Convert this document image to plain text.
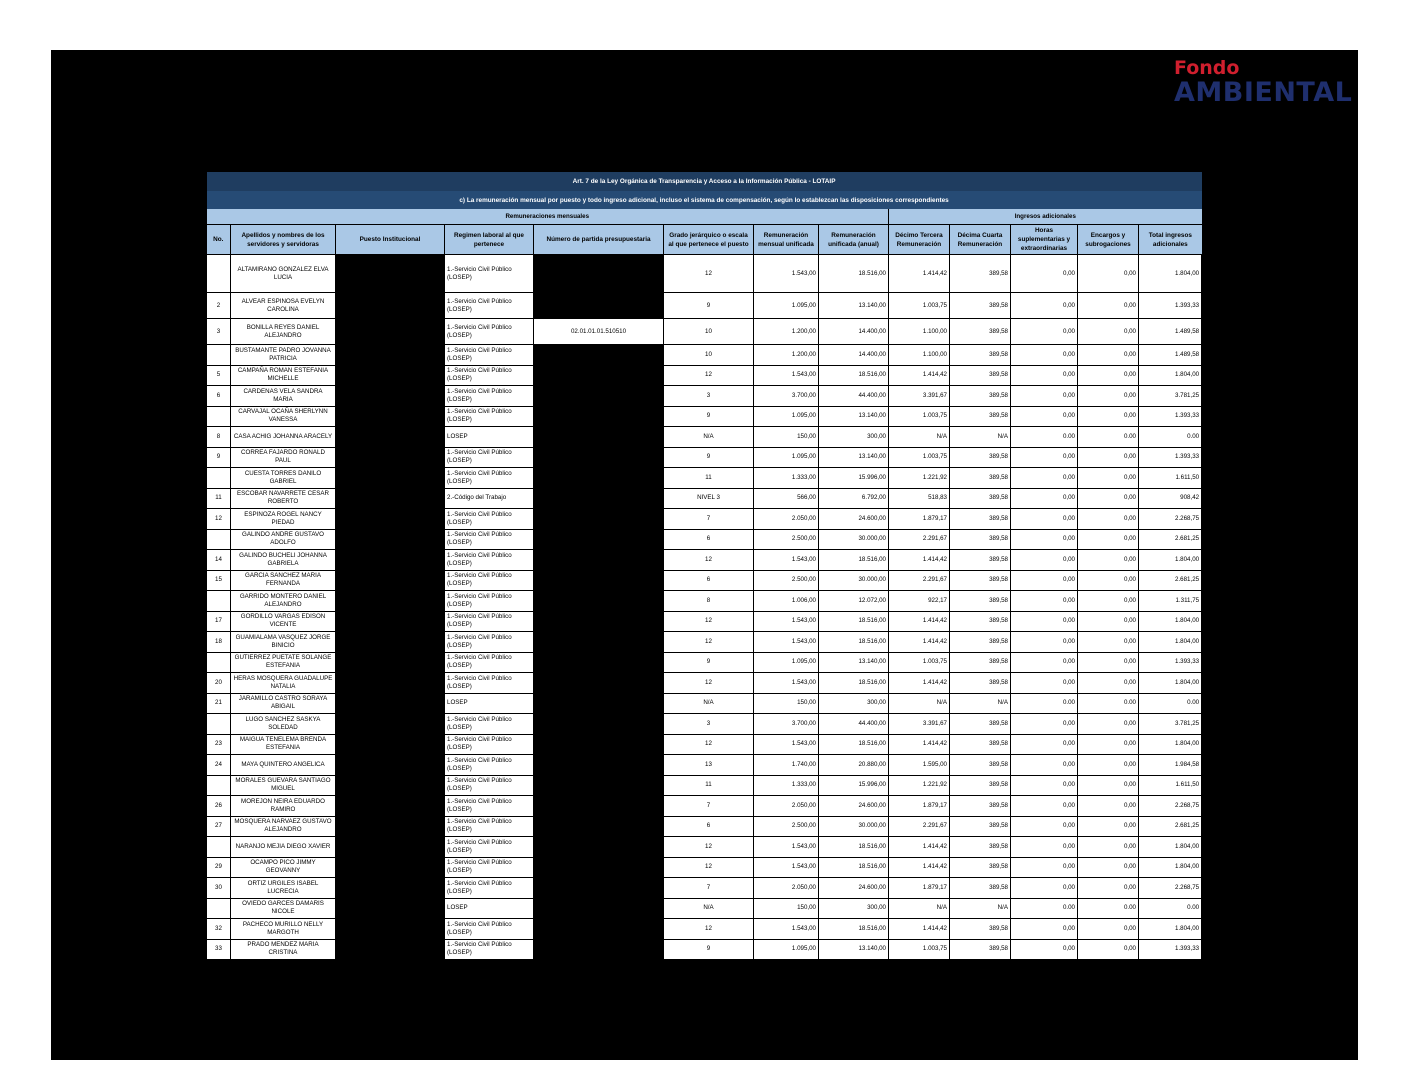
Fondo
AMBIENTAL
Art. 7 de la Ley Orgánica de Transparencia y Acceso a la Información Pública - LOTAIP												
c) La remuneración mensual por puesto y todo ingreso adicional, incluso el sistema de compensación, según lo establezcan las disposiciones correspondientes												
Remuneraciones mensuales								Ingresos adicionales				
No.	Apellidos y nombres de los servidores y servidoras	Puesto Institucional	Regimen laboral al que pertenece	Número de partida presupuestaria	Grado jerárquico o escala al que pertenece el puesto	Remuneración mensual unificada	Remuneración unificada (anual)	Décimo Tercera Remuneración	Décima Cuarta Remuneración	Horas suplementarias y extraordinarias	Encargos y subrogaciones	Total ingresos adicionales
	ALTAMIRANO GONZALEZ ELVA LUCIA		1.-Servicio Civil Público (LOSEP)		12	1.543,00	18.516,00	1.414,42	389,58	0,00	0,00	1.804,00
2	ALVEAR ESPINOSA EVELYN CAROLINA		1.-Servicio Civil Público (LOSEP)		9	1.095,00	13.140,00	1.003,75	389,58	0,00	0,00	1.393,33
3	BONILLA REYES DANIEL ALEJANDRO		1.-Servicio Civil Público (LOSEP)	02.01.01.01.510510	10	1.200,00	14.400,00	1.100,00	389,58	0,00	0,00	1.489,58
	BUSTAMANTE PADRO JOVANNA PATRICIA		1.-Servicio Civil Público (LOSEP)		10	1.200,00	14.400,00	1.100,00	389,58	0,00	0,00	1.489,58
5	CAMPAÑA ROMAN ESTEFANIA MICHELLE		1.-Servicio Civil Público (LOSEP)		12	1.543,00	18.516,00	1.414,42	389,58	0,00	0,00	1.804,00
6	CARDENAS VELA SANDRA MARIA		1.-Servicio Civil Público (LOSEP)		3	3.700,00	44.400,00	3.391,67	389,58	0,00	0,00	3.781,25
	CARVAJAL OCAÑA SHERLYNN VANESSA		1.-Servicio Civil Público (LOSEP)		9	1.095,00	13.140,00	1.003,75	389,58	0,00	0,00	1.393,33
8	CASA ACHIG JOHANNA ARACELY		LOSEP		N/A	150,00	300,00	N/A	N/A	0.00	0.00	0.00
9	CORREA FAJARDO RONALD PAUL		1.-Servicio Civil Público (LOSEP)		9	1.095,00	13.140,00	1.003,75	389,58	0,00	0,00	1.393,33
	CUESTA TORRES DANILO GABRIEL		1.-Servicio Civil Público (LOSEP)		11	1.333,00	15.996,00	1.221,92	389,58	0,00	0,00	1.611,50
11	ESCOBAR NAVARRETE CESAR ROBERTO		2.-Código del Trabajo		NIVEL 3	566,00	6.792,00	518,83	389,58	0,00	0,00	908,42
12	ESPINOZA ROGEL NANCY PIEDAD		1.-Servicio Civil Público (LOSEP)		7	2.050,00	24.600,00	1.879,17	389,58	0,00	0,00	2.268,75
	GALINDO ANDRE GUSTAVO ADOLFO		1.-Servicio Civil Público (LOSEP)		6	2.500,00	30.000,00	2.291,67	389,58	0,00	0,00	2.681,25
14	GALINDO BUCHELI JOHANNA GABRIELA		1.-Servicio Civil Público (LOSEP)		12	1.543,00	18.516,00	1.414,42	389,58	0,00	0,00	1.804,00
15	GARCIA SANCHEZ MARIA FERNANDA		1.-Servicio Civil Público (LOSEP)		6	2.500,00	30.000,00	2.291,67	389,58	0,00	0,00	2.681,25
	GARRIDO MONTERO DANIEL ALEJANDRO		1.-Servicio Civil Público (LOSEP)		8	1.006,00	12.072,00	922,17	389,58	0,00	0,00	1.311,75
17	GORDILLO VARGAS EDISON VICENTE		1.-Servicio Civil Público (LOSEP)		12	1.543,00	18.516,00	1.414,42	389,58	0,00	0,00	1.804,00
18	GUAMIALAMA VASQUEZ JORGE BINICIO		1.-Servicio Civil Público (LOSEP)		12	1.543,00	18.516,00	1.414,42	389,58	0,00	0,00	1.804,00
	GUTIERREZ PUETATE SOLANGE ESTEFANIA		1.-Servicio Civil Público (LOSEP)		9	1.095,00	13.140,00	1.003,75	389,58	0,00	0,00	1.393,33
20	HERAS MOSQUERA GUADALUPE NATALIA		1.-Servicio Civil Público (LOSEP)		12	1.543,00	18.516,00	1.414,42	389,58	0,00	0,00	1.804,00
21	JARAMILLO CASTRO SORAYA ABIGAIL		LOSEP		N/A	150,00	300,00	N/A	N/A	0.00	0.00	0.00
	LUGO SANCHEZ SASKYA SOLEDAD		1.-Servicio Civil Público (LOSEP)		3	3.700,00	44.400,00	3.391,67	389,58	0,00	0,00	3.781,25
23	MAIGUA TENELEMA BRENDA ESTEFANIA		1.-Servicio Civil Público (LOSEP)		12	1.543,00	18.516,00	1.414,42	389,58	0,00	0,00	1.804,00
24	MAYA QUINTERO ANGELICA		1.-Servicio Civil Público (LOSEP)		13	1.740,00	20.880,00	1.595,00	389,58	0,00	0,00	1.984,58
	MORALES GUEVARA SANTIAGO MIGUEL		1.-Servicio Civil Público (LOSEP)		11	1.333,00	15.996,00	1.221,92	389,58	0,00	0,00	1.611,50
26	MOREJON NEIRA EDUARDO RAMIRO		1.-Servicio Civil Público (LOSEP)		7	2.050,00	24.600,00	1.879,17	389,58	0,00	0,00	2.268,75
27	MOSQUERA NARVAEZ GUSTAVO ALEJANDRO		1.-Servicio Civil Público (LOSEP)		6	2.500,00	30.000,00	2.291,67	389,58	0,00	0,00	2.681,25
	NARANJO MEJIA DIEGO XAVIER		1.-Servicio Civil Público (LOSEP)		12	1.543,00	18.516,00	1.414,42	389,58	0,00	0,00	1.804,00
29	OCAMPO PICO JIMMY GEOVANNY		1.-Servicio Civil Público (LOSEP)		12	1.543,00	18.516,00	1.414,42	389,58	0,00	0,00	1.804,00
30	ORTIZ URGILES ISABEL LUCRECIA		1.-Servicio Civil Público (LOSEP)		7	2.050,00	24.600,00	1.879,17	389,58	0,00	0,00	2.268,75
	OVIEDO GARCES DAMARIS NICOLE		LOSEP		N/A	150,00	300,00	N/A	N/A	0.00	0.00	0.00
32	PACHECO MURILLO NELLY MARGOTH		1.-Servicio Civil Público (LOSEP)		12	1.543,00	18.516,00	1.414,42	389,58	0,00	0,00	1.804,00
33	PRADO MENDEZ MARIA CRISTINA		1.-Servicio Civil Público (LOSEP)		9	1.095,00	13.140,00	1.003,75	389,58	0,00	0,00	1.393,33
